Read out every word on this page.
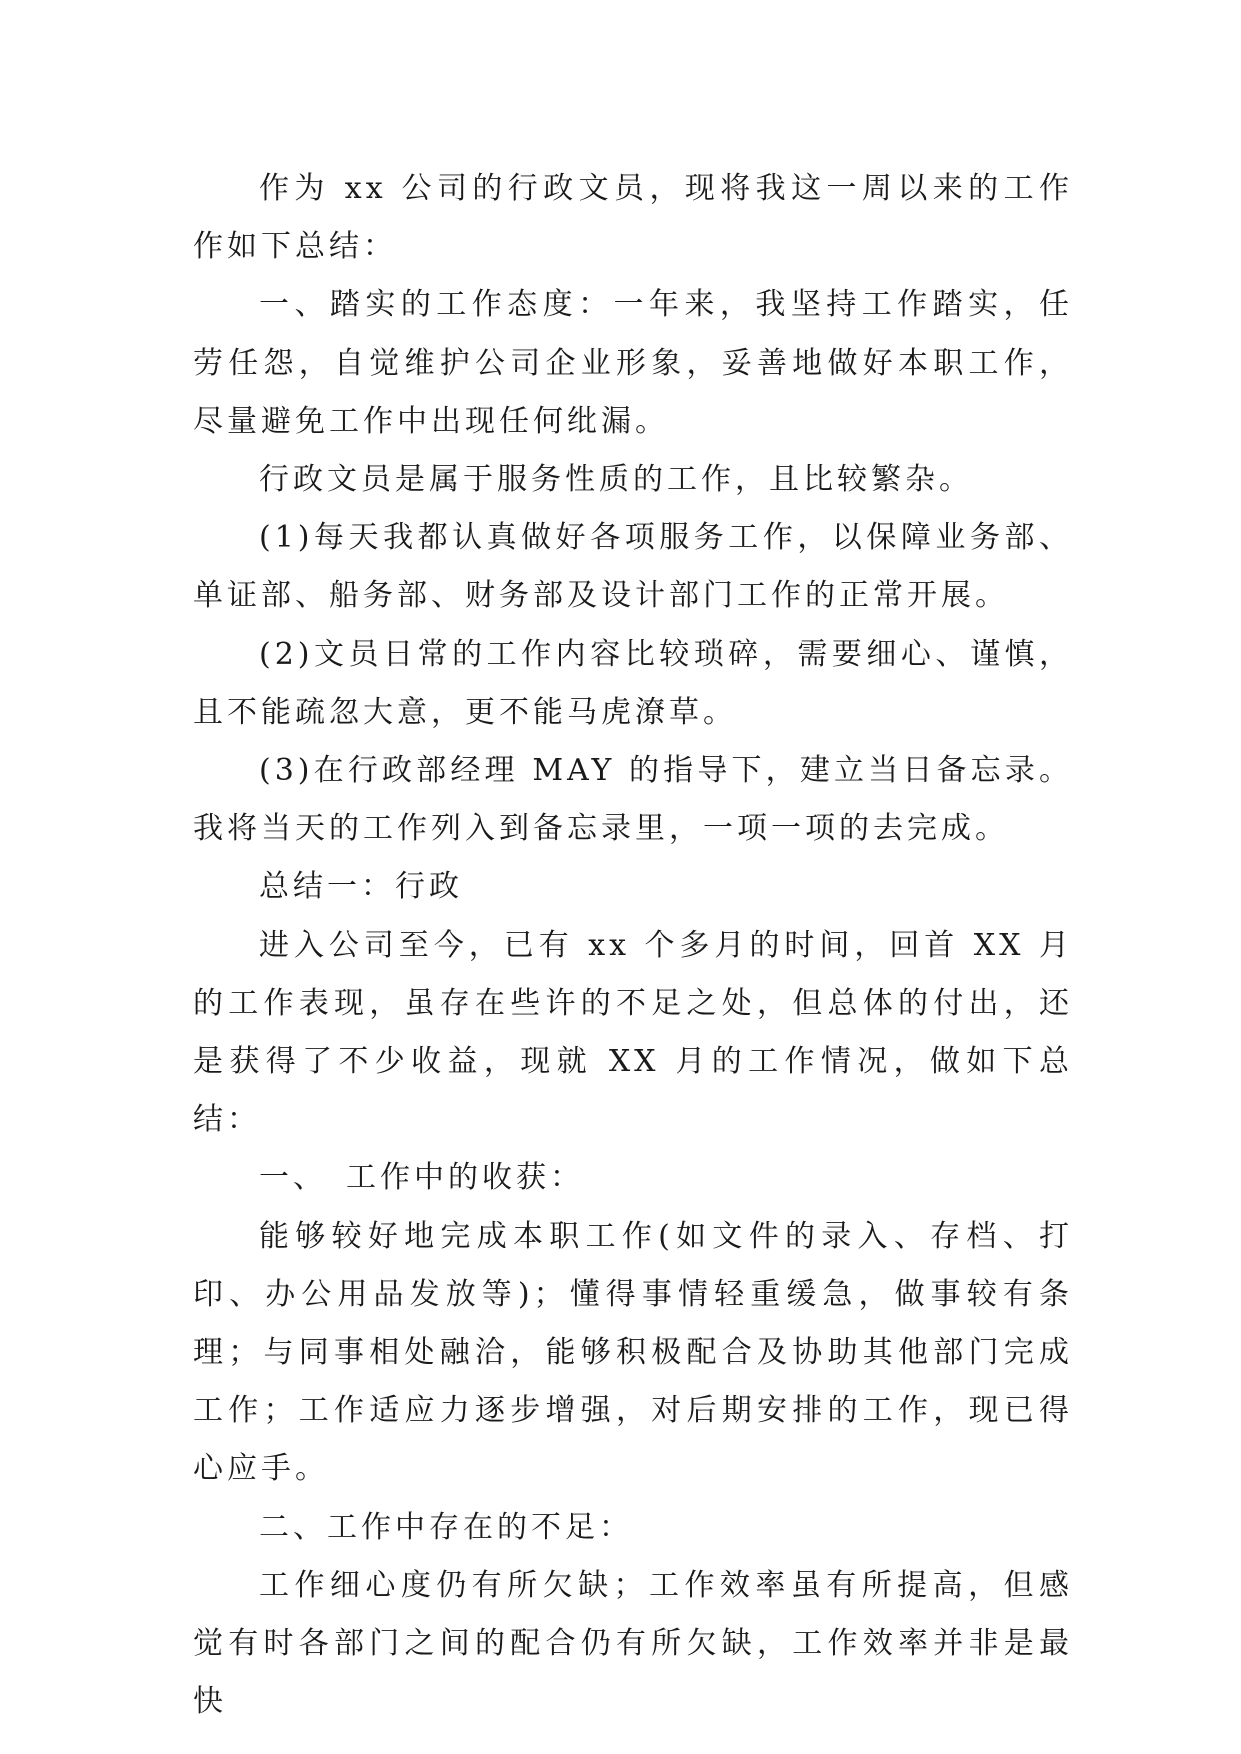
作为 xx 公司的行政文员，现将我这一周以来的工作作如下总结：

一、踏实的工作态度：一年来，我坚持工作踏实，任劳任怨，自觉维护公司企业形象，妥善地做好本职工作，尽量避免工作中出现任何纰漏。

行政文员是属于服务性质的工作，且比较繁杂。

(1)每天我都认真做好各项服务工作，以保障业务部、单证部、船务部、财务部及设计部门工作的正常开展。

(2)文员日常的工作内容比较琐碎，需要细心、谨慎，且不能疏忽大意，更不能马虎潦草。

(3)在行政部经理 MAY 的指导下，建立当日备忘录。我将当天的工作列入到备忘录里，一项一项的去完成。

总结一：行政

进入公司至今，已有 xx 个多月的时间，回首 XX 月的工作表现，虽存在些许的不足之处，但总体的付出，还是获得了不少收益，现就 XX 月的工作情况，做如下总结：

一、　工作中的收获：

能够较好地完成本职工作(如文件的录入、存档、打印、办公用品发放等)；懂得事情轻重缓急，做事较有条理；与同事相处融洽，能够积极配合及协助其他部门完成工作；工作适应力逐步增强，对后期安排的工作，现已得心应手。

二、工作中存在的不足：

工作细心度仍有所欠缺；工作效率虽有所提高，但感觉有时各部门之间的配合仍有所欠缺，工作效率并非是最快
